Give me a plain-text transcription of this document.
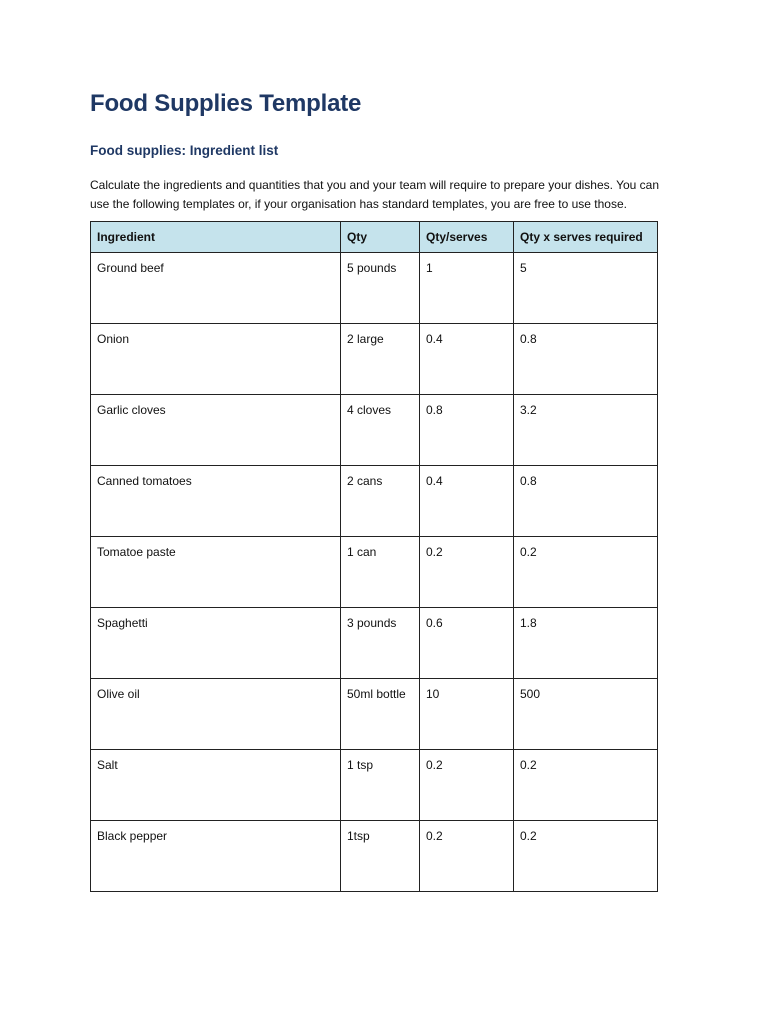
Food Supplies Template
Food supplies: Ingredient list

Calculate the ingredients and quantities that you and your team will require to prepare your dishes. You can use the following templates or, if your organisation has standard templates, you are free to use those.

Ingredient	Qty	Qty/serves	Qty x serves required
Ground beef	5 pounds	1	5
Onion	2 large	0.4	0.8
Garlic cloves	4 cloves	0.8	3.2
Canned tomatoes	2 cans	0.4	0.8
Tomatoe paste	1 can	0.2	0.2
Spaghetti	3 pounds	0.6	1.8
Olive oil	50ml bottle	10	500
Salt	1 tsp	0.2	0.2
Black pepper	1tsp	0.2	0.2
